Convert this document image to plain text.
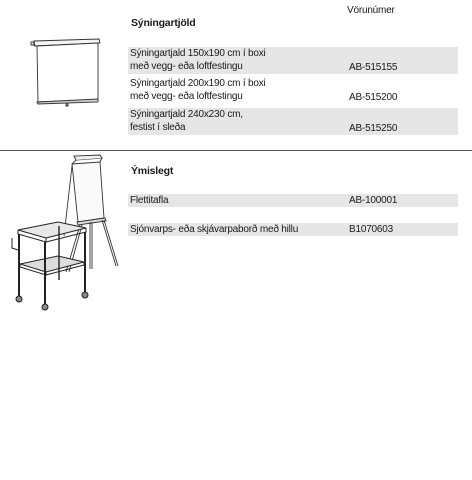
Vörunúmer
Sýningartjöld
Sýningartjald 150x190 cm í boxi
með vegg- eða loftfestingu	AB-515155
Sýningartjald 200x190 cm í boxi
með vegg- eða loftfestingu	AB-515200
Sýningartjald 240x230 cm,
festist í sleða	AB-515250
Ýmislegt
Flettitafla	AB-100001
Sjónvarps- eða skjávarpaborð með hillu	B1070603
